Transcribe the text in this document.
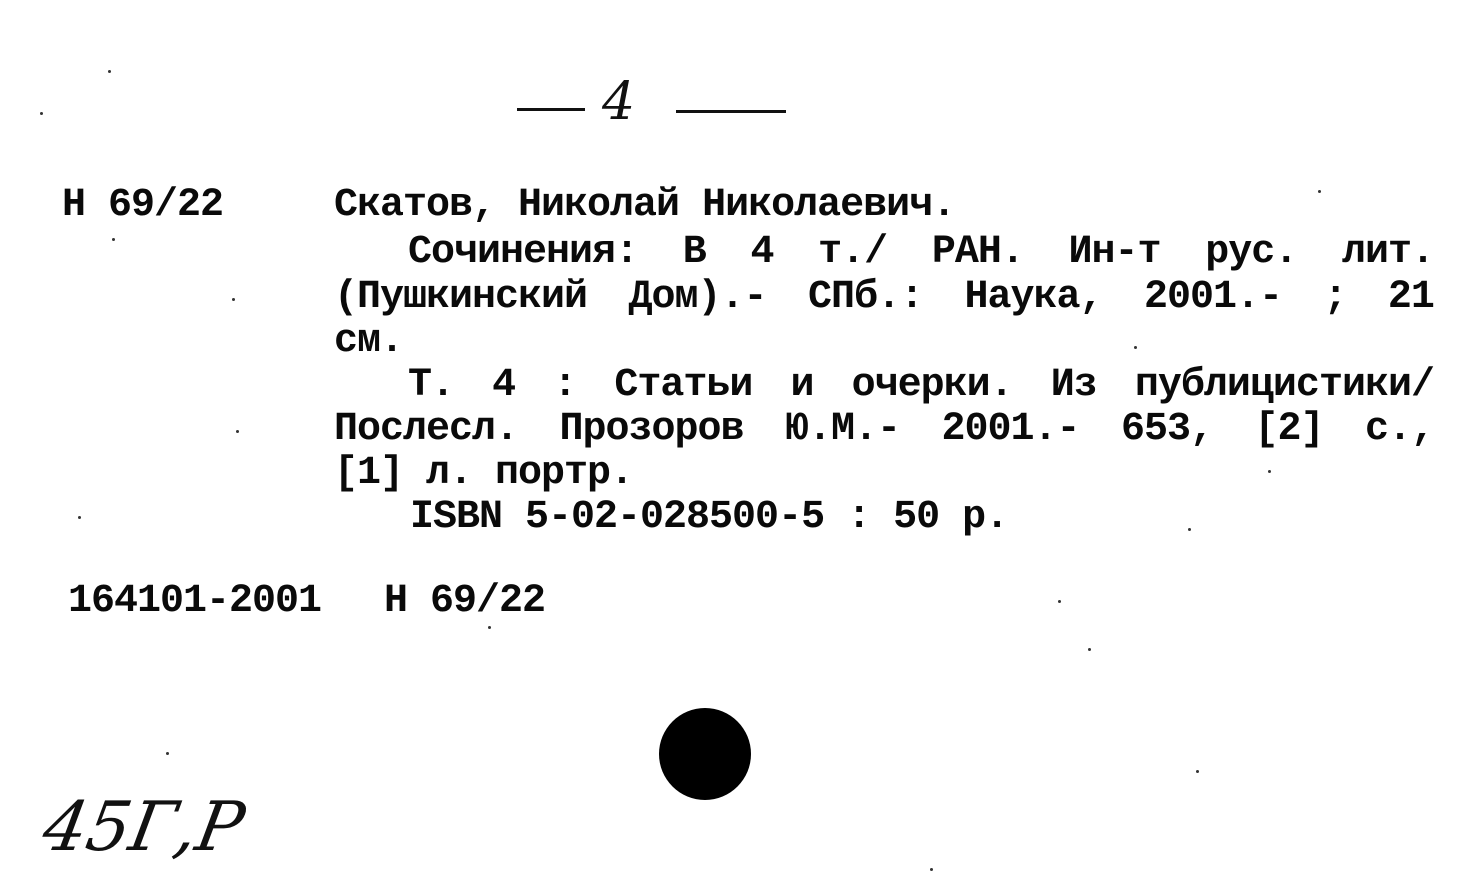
4
Н 69/22	Скатов, Николай Николаевич.
Сочинения: В 4 т./ РАН. Ин-т рус. лит.
(Пушкинский Дом).- СПб.: Наука, 2001.- ; 21
см.
Т. 4 : Статьи и очерки. Из публицистики/
Послесл. Прозоров Ю.М.- 2001.- 653, [2] с.,
[1] л. портр.
ISBN 5-02-028500-5 : 50 р.
164101-2001 Н 69/22
45Г,Р
